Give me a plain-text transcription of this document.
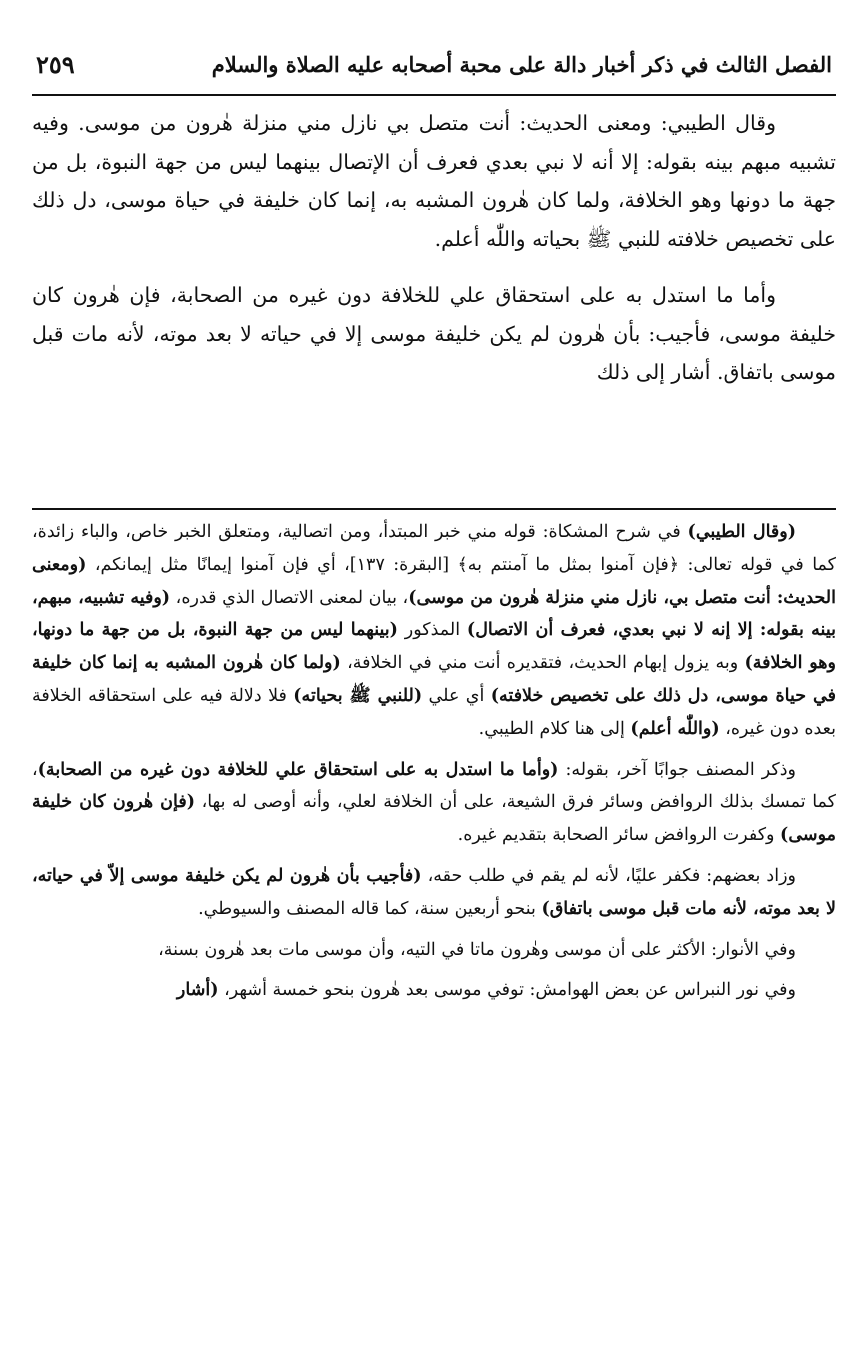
الفصل الثالث في ذكر أخبار دالة على محبة أصحابه عليه الصلاة والسلام
٢٥٩

وقال الطيبي: ومعنى الحديث: أنت متصل بي نازل مني منزلة هٰرون من موسى. وفيه تشبيه مبهم بينه بقوله: إلا أنه لا نبي بعدي فعرف أن الإتصال بينهما ليس من جهة النبوة، بل من جهة ما دونها وهو الخلافة، ولما كان هٰرون المشبه به، إنما كان خليفة في حياة موسى، دل ذلك على تخصيص خلافته للنبي ﷺ بحياته واللّٰه أعلم.

وأما ما استدل به على استحقاق علي للخلافة دون غيره من الصحابة، فإن هٰرون كان خليفة موسى، فأجيب: بأن هٰرون لم يكن خليفة موسى إلا في حياته لا بعد موته، لأنه مات قبل موسى باتفاق. أشار إلى ذلك

(وقال الطيبي) في شرح المشكاة: قوله مني خبر المبتدأ، ومن اتصالية، ومتعلق الخبر خاص، والباء زائدة، كما في قوله تعالى: ﴿فإن آمنوا بمثل ما آمنتم به﴾ [البقرة: ١٣٧]، أي فإن آمنوا إيمانًا مثل إيمانكم، (ومعنى الحديث: أنت متصل بي، نازل مني منزلة هٰرون من موسى)، بيان لمعنى الاتصال الذي قدره، (وفيه تشبيه، مبهم، بينه بقوله: إلا إنه لا نبي بعدي، فعرف أن الاتصال) المذكور (بينهما ليس من جهة النبوة، بل من جهة ما دونها، وهو الخلافة) وبه يزول إبهام الحديث، فتقديره أنت مني في الخلافة، (ولما كان هٰرون المشبه به إنما كان خليفة في حياة موسى، دل ذلك على تخصيص خلافته) أي علي (للنبي ﷺ بحياته) فلا دلالة فيه على استحقاقه الخلافة بعده دون غيره، (واللّٰه أعلم) إلى هنا كلام الطيبي.

وذكر المصنف جوابًا آخر، بقوله: (وأما ما استدل به على استحقاق علي للخلافة دون غيره من الصحابة)، كما تمسك بذلك الروافض وسائر فرق الشيعة، على أن الخلافة لعلي، وأنه أوصى له بها، (فإن هٰرون كان خليفة موسى) وكفرت الروافض سائر الصحابة بتقديم غيره.

وزاد بعضهم: فكفر عليًا، لأنه لم يقم في طلب حقه، (فأجيب بأن هٰرون لم يكن خليفة موسى إلاّ في حياته، لا بعد موته، لأنه مات قبل موسى باتفاق) بنحو أربعين سنة، كما قاله المصنف والسيوطي.

وفي الأنوار: الأكثر على أن موسى وهٰرون ماتا في التيه، وأن موسى مات بعد هٰرون بسنة،

وفي نور النبراس عن بعض الهوامش: توفي موسى بعد هٰرون بنحو خمسة أشهر، (أشار
